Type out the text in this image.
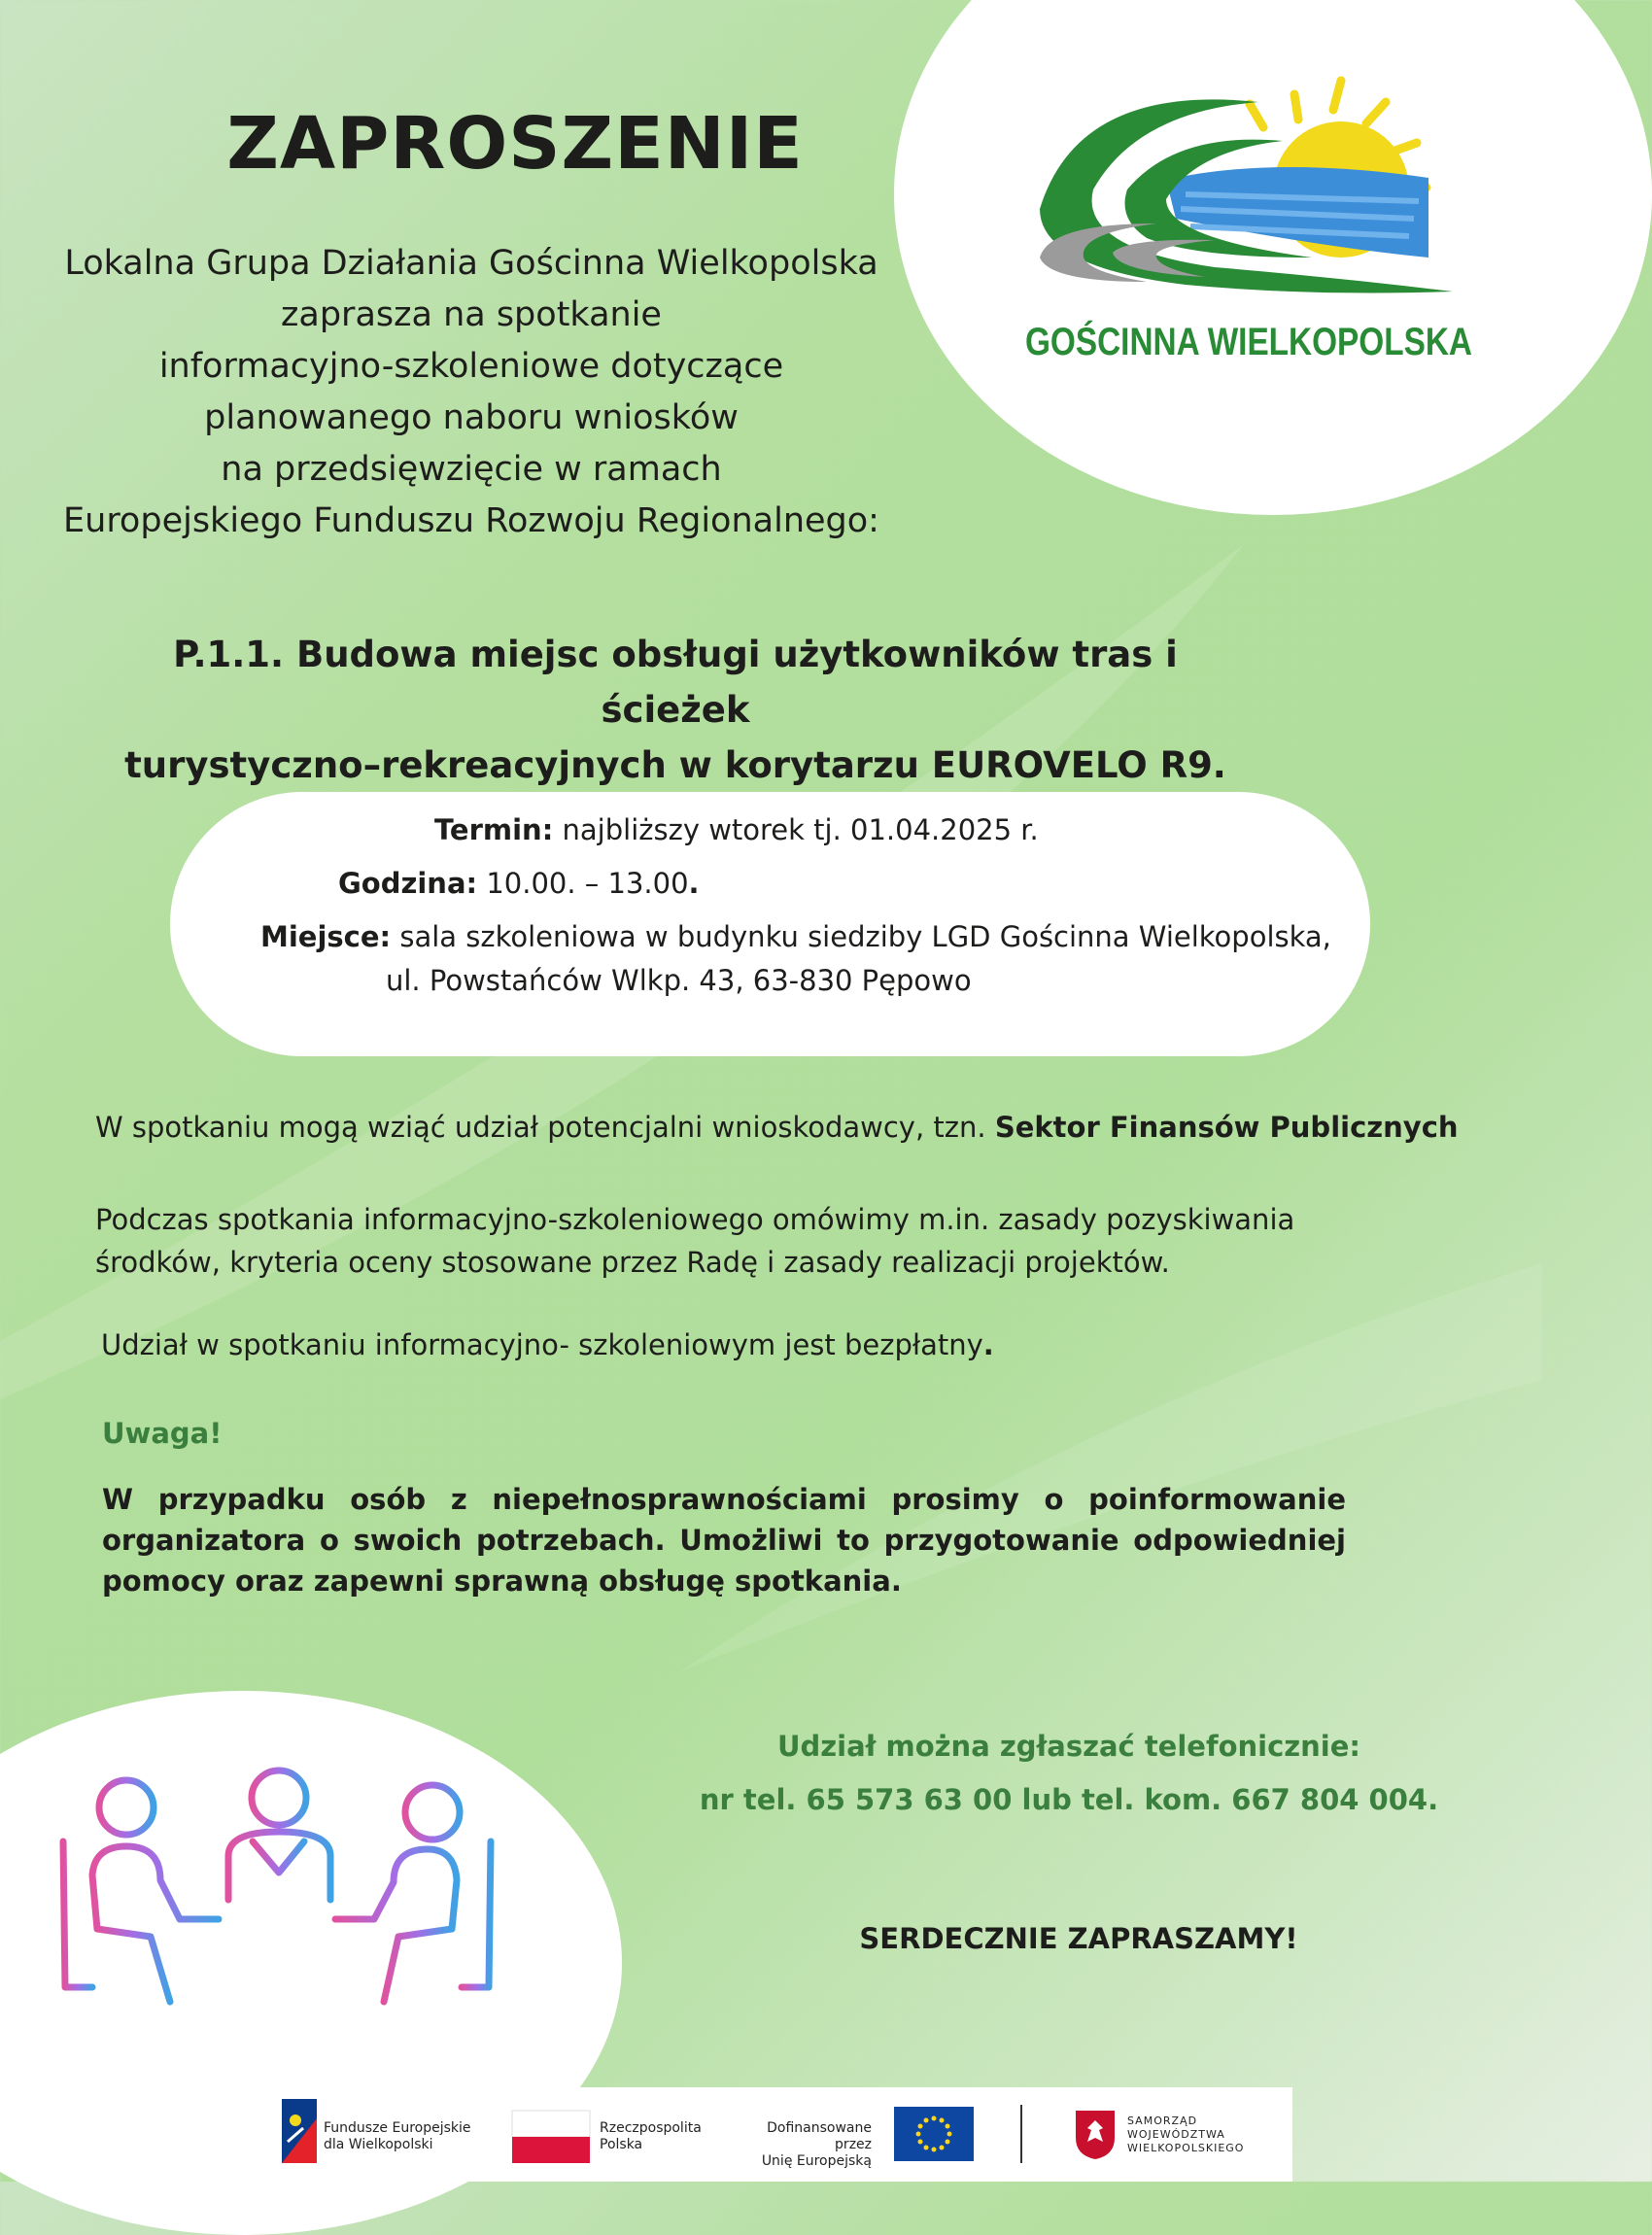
GOŚCINNA WIELKOPOLSKA
ZAPROSZENIE

Lokalna Grupa Działania Gościnna Wielkopolska
zaprasza na spotkanie
informacyjno-szkoleniowe dotyczące
planowanego naboru wniosków
na przedsięwzięcie w ramach
Europejskiego Funduszu Rozwoju Regionalnego:

P.1.1. Budowa miejsc obsługi użytkowników tras i ścieżek
turystyczno–rekreacyjnych w korytarzu EUROVELO R9.

Termin: najbliższy wtorek tj. 01.04.2025 r.
Godzina: 10.00. – 13.00.
Miejsce: sala szkoleniowa w budynku siedziby LGD Gościnna Wielkopolska,
ul. Powstańców Wlkp. 43, 63-830 Pępowo

W spotkaniu mogą wziąć udział potencjalni wnioskodawcy, tzn. Sektor Finansów Publicznych

Podczas spotkania informacyjno-szkoleniowego omówimy m.in. zasady pozyskiwania
środków, kryteria oceny stosowane przez Radę i zasady realizacji projektów.

Udział w spotkaniu informacyjno- szkoleniowym jest bezpłatny.

Uwaga!

W przypadku osób z niepełnosprawnościami prosimy o poinformowanie organizatora o swoich potrzebach. Umożliwi to przygotowanie odpowiedniej pomocy oraz zapewni sprawną obsługę spotkania.

Udział można zgłaszać telefonicznie:
nr tel. 65 573 63 00 lub tel. kom. 667 804 004.
SERDECZNIE ZAPRASZAMY!
Fundusze Europejskie
dla Wielkopolski
Rzeczpospolita
Polska
Dofinansowane przez
Unię Europejską
SAMORZĄD
WOJEWÓDZTWA
WIELKOPOLSKIEGO
